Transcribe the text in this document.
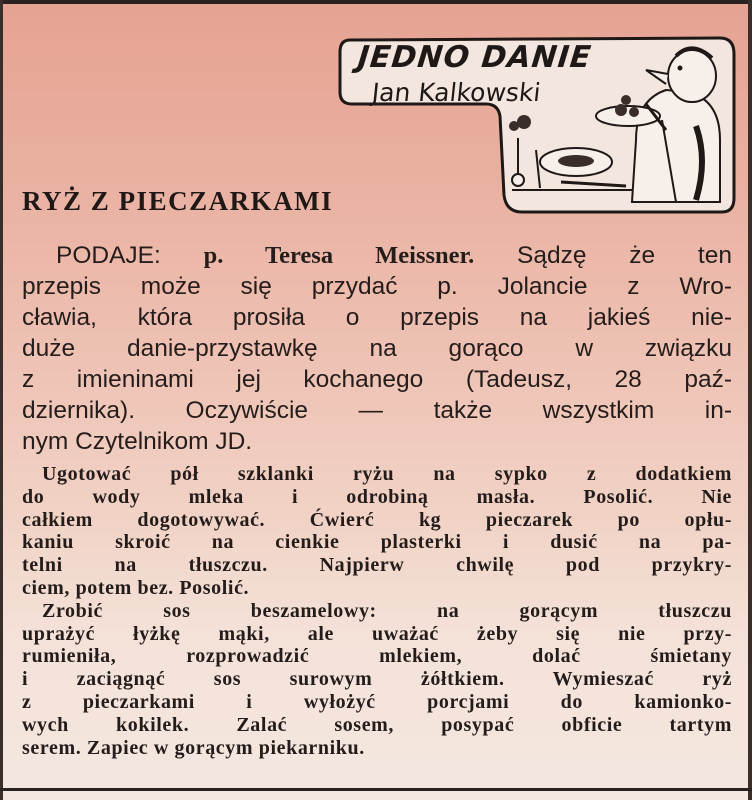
JEDNO DANIE
Jan Kalkowski
RYŻ Z PIECZARKAMI
PODAJE: p. Teresa Meissner. Sądzę że ten
przepis może się przydać p. Jolancie z Wro-
cławia, która prosiła o przepis na jakieś nie-
duże danie-przystawkę na gorąco w związku
z imieninami jej kochanego (Tadeusz, 28 paź-
dziernika). Oczywiście — także wszystkim in-
nym Czytelnikom JD.
Ugotować pół szklanki ryżu na sypko z dodatkiem
do wody mleka i odrobiną masła. Posolić. Nie
całkiem dogotowywać. Ćwierć kg pieczarek po opłu-
kaniu skroić na cienkie plasterki i dusić na pa-
telni na tłuszczu. Najpierw chwilę pod przykry-
ciem, potem bez. Posolić.
Zrobić sos beszamelowy: na gorącym tłuszczu
uprażyć łyżkę mąki, ale uważać żeby się nie przy-
rumieniła, rozprowadzić mlekiem, dolać śmietany
i zaciągnąć sos surowym żółtkiem. Wymieszać ryż
z pieczarkami i wyłożyć porcjami do kamionko-
wych kokilek. Zalać sosem, posypać obficie tartym
serem. Zapiec w gorącym piekarniku.
